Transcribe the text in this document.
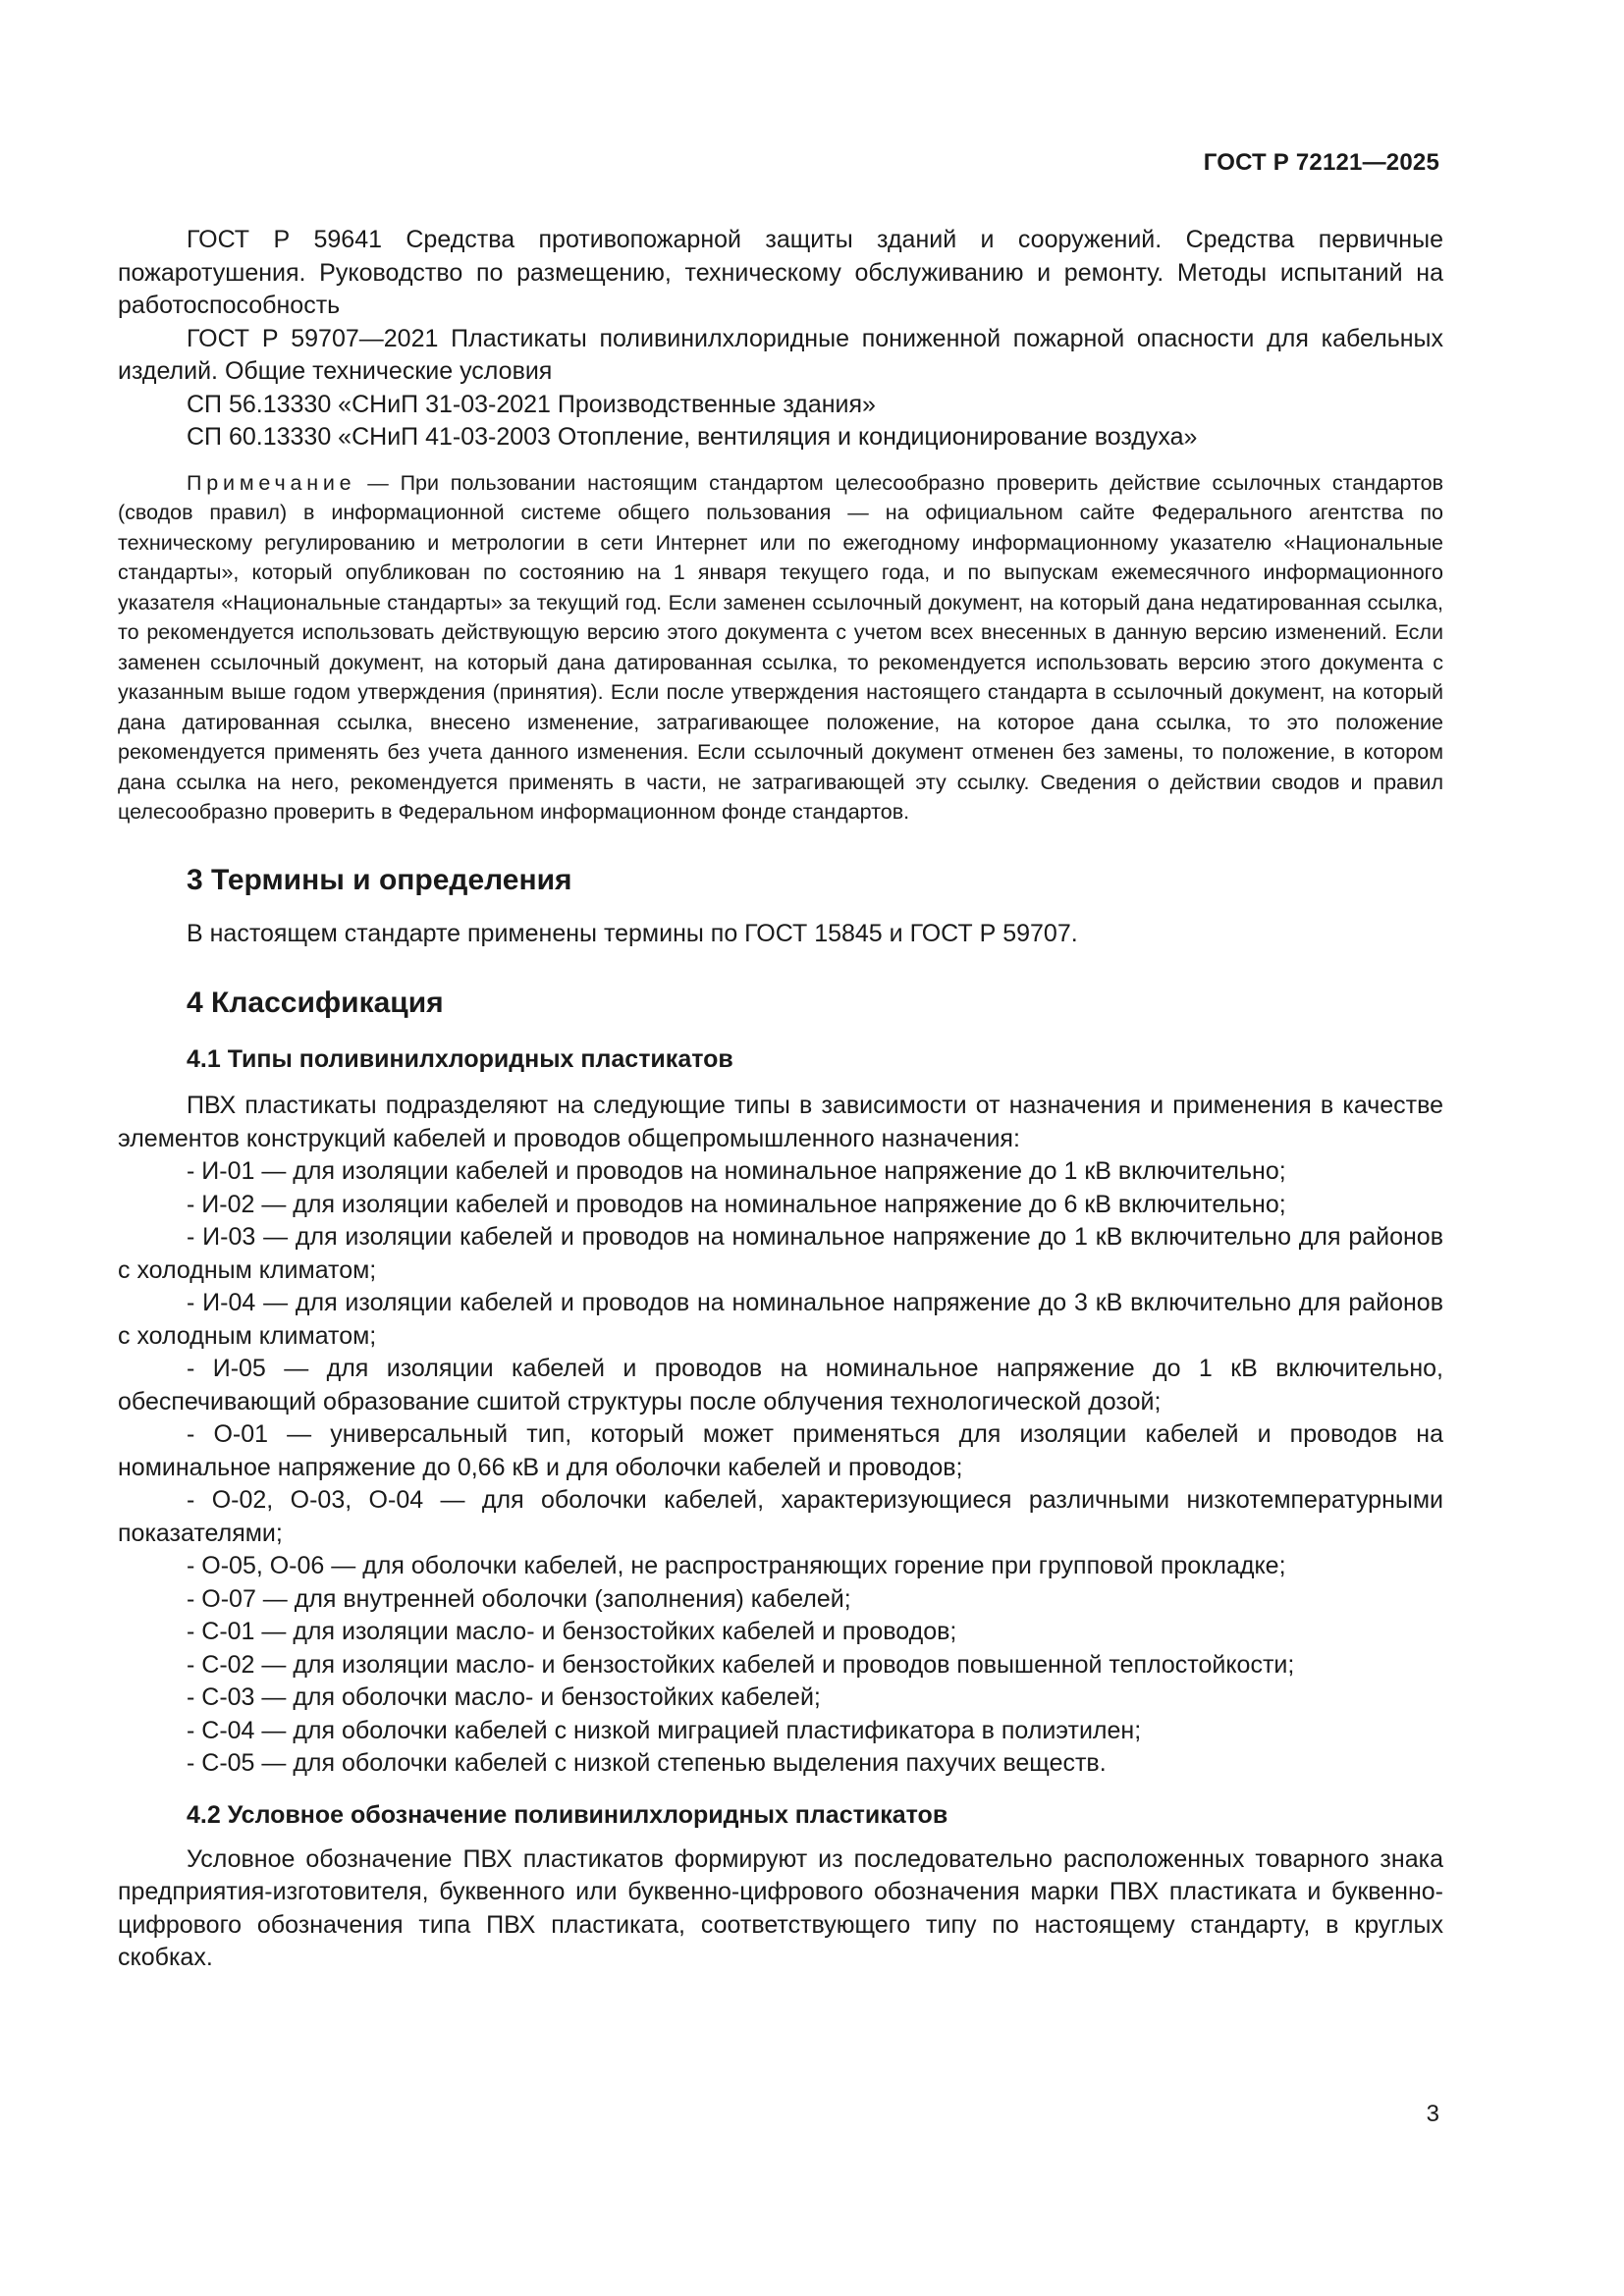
ГОСТ Р 72121—2025

ГОСТ Р 59641 Средства противопожарной защиты зданий и сооружений. Средства первичные пожаротушения. Руководство по размещению, техническому обслуживанию и ремонту. Методы испытаний на работоспособность

ГОСТ Р 59707—2021 Пластикаты поливинилхлоридные пониженной пожарной опасности для кабельных изделий. Общие технические условия

СП 56.13330 «СНиП 31-03-2021 Производственные здания»

СП 60.13330 «СНиП 41-03-2003 Отопление, вентиляция и кондиционирование воздуха»

Примечание — При пользовании настоящим стандартом целесообразно проверить действие ссылочных стандартов (сводов правил) в информационной системе общего пользования — на официальном сайте Федерального агентства по техническому регулированию и метрологии в сети Интернет или по ежегодному информационному указателю «Национальные стандарты», который опубликован по состоянию на 1 января текущего года, и по выпускам ежемесячного информационного указателя «Национальные стандарты» за текущий год. Если заменен ссылочный документ, на который дана недатированная ссылка, то рекомендуется использовать действующую версию этого документа с учетом всех внесенных в данную версию изменений. Если заменен ссылочный документ, на который дана датированная ссылка, то рекомендуется использовать версию этого документа с указанным выше годом утверждения (принятия). Если после утверждения настоящего стандарта в ссылочный документ, на который дана датированная ссылка, внесено изменение, затрагивающее положение, на которое дана ссылка, то это положение рекомендуется применять без учета данного изменения. Если ссылочный документ отменен без замены, то положение, в котором дана ссылка на него, рекомендуется применять в части, не затрагивающей эту ссылку. Сведения о действии сводов и правил целесообразно проверить в Федеральном информационном фонде стандартов.

3 Термины и определения

В настоящем стандарте применены термины по ГОСТ 15845 и ГОСТ Р 59707.

4 Классификация
4.1 Типы поливинилхлоридных пластикатов

ПВХ пластикаты подразделяют на следующие типы в зависимости от назначения и применения в качестве элементов конструкций кабелей и проводов общепромышленного назначения:

- И-01 — для изоляции кабелей и проводов на номинальное напряжение до 1 кВ включительно;

- И-02 — для изоляции кабелей и проводов на номинальное напряжение до 6 кВ включительно;

- И-03 — для изоляции кабелей и проводов на номинальное напряжение до 1 кВ включительно для районов с холодным климатом;

- И-04 — для изоляции кабелей и проводов на номинальное напряжение до 3 кВ включительно для районов с холодным климатом;

- И-05 — для изоляции кабелей и проводов на номинальное напряжение до 1 кВ включительно, обеспечивающий образование сшитой структуры после облучения технологической дозой;

- О-01 — универсальный тип, который может применяться для изоляции кабелей и проводов на номинальное напряжение до 0,66 кВ и для оболочки кабелей и проводов;

- О-02, О-03, О-04 — для оболочки кабелей, характеризующиеся различными низкотемпературными показателями;

- О-05, О-06 — для оболочки кабелей, не распространяющих горение при групповой прокладке;

- О-07 — для внутренней оболочки (заполнения) кабелей;

- С-01 — для изоляции масло- и бензостойких кабелей и проводов;

- С-02 — для изоляции масло- и бензостойких кабелей и проводов повышенной теплостойкости;

- С-03 — для оболочки масло- и бензостойких кабелей;

- С-04 — для оболочки кабелей с низкой миграцией пластификатора в полиэтилен;

- С-05 — для оболочки кабелей с низкой степенью выделения пахучих веществ.

4.2 Условное обозначение поливинилхлоридных пластикатов

Условное обозначение ПВХ пластикатов формируют из последовательно расположенных товарного знака предприятия-изготовителя, буквенного или буквенно-цифрового обозначения марки ПВХ пластиката и буквенно-цифрового обозначения типа ПВХ пластиката, соответствующего типу по настоящему стандарту, в круглых скобках.

3
